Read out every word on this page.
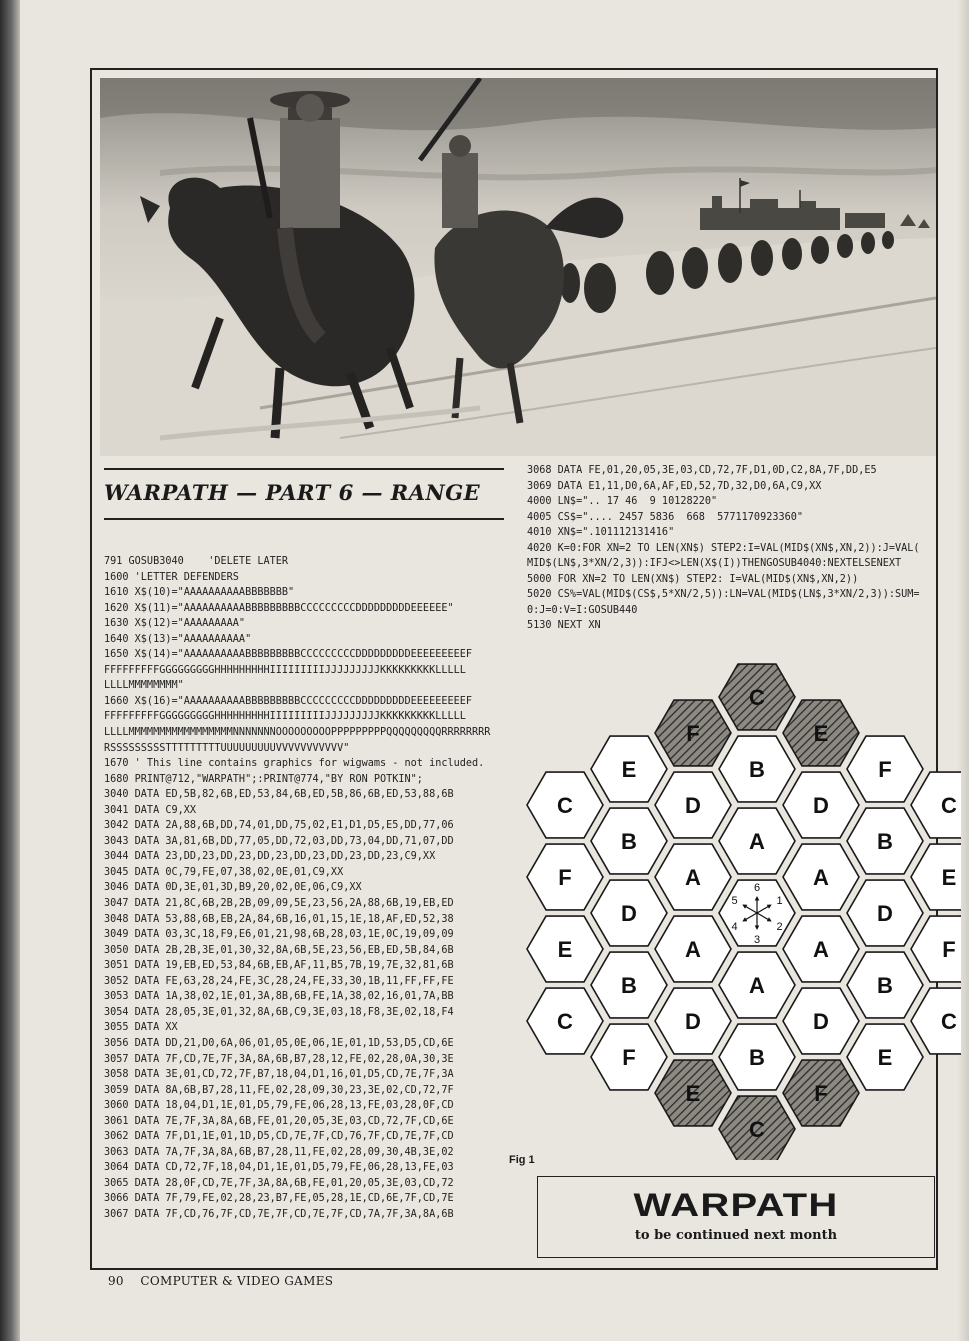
WARPATH — PART 6 — RANGE
791 GOSUB3040    'DELETE LATER
1600 'LETTER DEFENDERS
1610 X$(10)="AAAAAAAAAABBBBBBB"
1620 X$(11)="AAAAAAAAAABBBBBBBBBCCCCCCCCCDDDDDDDDDEEEEEE"
1630 X$(12)="AAAAAAAAA"
1640 X$(13)="AAAAAAAAAA"
1650 X$(14)="AAAAAAAAAABBBBBBBBBCCCCCCCCCDDDDDDDDDEEEEEEEEEF
FFFFFFFFFGGGGGGGGGHHHHHHHHHIIIIIIIIIJJJJJJJJJKKKKKKKKKLLLLL
LLLLMMMMMMMM"
1660 X$(16)="AAAAAAAAAABBBBBBBBBCCCCCCCCCDDDDDDDDDEEEEEEEEEF
FFFFFFFFFGGGGGGGGGHHHHHHHHHIIIIIIIIIJJJJJJJJJKKKKKKKKKLLLLL
LLLLMMMMMMMMMMMMMMMMMNNNNNNNOOOOOOOOOPPPPPPPPPQQQQQQQQQRRRRRRRR
RSSSSSSSSSTTTTTTTTTUUUUUUUUUVVVVVVVVVVV"
1670 ' This line contains graphics for wigwams - not included.
1680 PRINT@712,"WARPATH";:PRINT@774,"BY RON POTKIN";
3040 DATA ED,5B,82,6B,ED,53,84,6B,ED,5B,86,6B,ED,53,88,6B
3041 DATA C9,XX
3042 DATA 2A,88,6B,DD,74,01,DD,75,02,E1,D1,D5,E5,DD,77,06
3043 DATA 3A,81,6B,DD,77,05,DD,72,03,DD,73,04,DD,71,07,DD
3044 DATA 23,DD,23,DD,23,DD,23,DD,23,DD,23,DD,23,C9,XX
3045 DATA 0C,79,FE,07,38,02,0E,01,C9,XX
3046 DATA 0D,3E,01,3D,B9,20,02,0E,06,C9,XX
3047 DATA 21,8C,6B,2B,2B,09,09,5E,23,56,2A,88,6B,19,EB,ED
3048 DATA 53,88,6B,EB,2A,84,6B,16,01,15,1E,18,AF,ED,52,38
3049 DATA 03,3C,18,F9,E6,01,21,98,6B,28,03,1E,0C,19,09,09
3050 DATA 2B,2B,3E,01,30,32,8A,6B,5E,23,56,EB,ED,5B,84,6B
3051 DATA 19,EB,ED,53,84,6B,EB,AF,11,B5,7B,19,7E,32,81,6B
3052 DATA FE,63,28,24,FE,3C,28,24,FE,33,30,1B,11,FF,FF,FE
3053 DATA 1A,38,02,1E,01,3A,8B,6B,FE,1A,38,02,16,01,7A,BB
3054 DATA 28,05,3E,01,32,8A,6B,C9,3E,03,18,F8,3E,02,18,F4
3055 DATA XX
3056 DATA DD,21,D0,6A,06,01,05,0E,06,1E,01,1D,53,D5,CD,6E
3057 DATA 7F,CD,7E,7F,3A,8A,6B,B7,28,12,FE,02,28,0A,30,3E
3058 DATA 3E,01,CD,72,7F,B7,18,04,D1,16,01,D5,CD,7E,7F,3A
3059 DATA 8A,6B,B7,28,11,FE,02,28,09,30,23,3E,02,CD,72,7F
3060 DATA 18,04,D1,1E,01,D5,79,FE,06,28,13,FE,03,28,0F,CD
3061 DATA 7E,7F,3A,8A,6B,FE,01,20,05,3E,03,CD,72,7F,CD,6E
3062 DATA 7F,D1,1E,01,1D,D5,CD,7E,7F,CD,76,7F,CD,7E,7F,CD
3063 DATA 7A,7F,3A,8A,6B,B7,28,11,FE,02,28,09,30,4B,3E,02
3064 DATA CD,72,7F,18,04,D1,1E,01,D5,79,FE,06,28,13,FE,03
3065 DATA 28,0F,CD,7E,7F,3A,8A,6B,FE,01,20,05,3E,03,CD,72
3066 DATA 7F,79,FE,02,28,23,B7,FE,05,28,1E,CD,6E,7F,CD,7E
3067 DATA 7F,CD,76,7F,CD,7E,7F,CD,7E,7F,CD,7A,7F,3A,8A,6B

3068 DATA FE,01,20,05,3E,03,CD,72,7F,D1,0D,C2,8A,7F,DD,E5
3069 DATA E1,11,D0,6A,AF,ED,52,7D,32,D0,6A,C9,XX
4000 LN$=".. 17 46  9 10128220"
4005 CS$=".... 2457 5836  668  5771170923360"
4010 XN$=".101112131416"
4020 K=0:FOR XN=2 TO LEN(XN$) STEP2:I=VAL(MID$(XN$,XN,2)):J=VAL(
MID$(LN$,3*XN/2,3)):IFJ<>LEN(X$(I))THENGOSUB4040:NEXTELSENEXT
5000 FOR XN=2 TO LEN(XN$) STEP2: I=VAL(MID$(XN$,XN,2))
5020 CS%=VAL(MID$(CS$,5*XN/2,5)):LN=VAL(MID$(LN$,3*XN/2,3)):SUM=
0:J=0:V=I:GOSUB440
5130 NEXT XN

C
F	E
E	B	F
C	D	D	C
B	A	B
F	A	A	E
D	D
E	A	A	F
B	A	B
C	D	D	C
F	B	E
E	F
C
1
2
3
4
5
6
Fig 1
WARPATH
to be continued next month
90 COMPUTER & VIDEO GAMES
